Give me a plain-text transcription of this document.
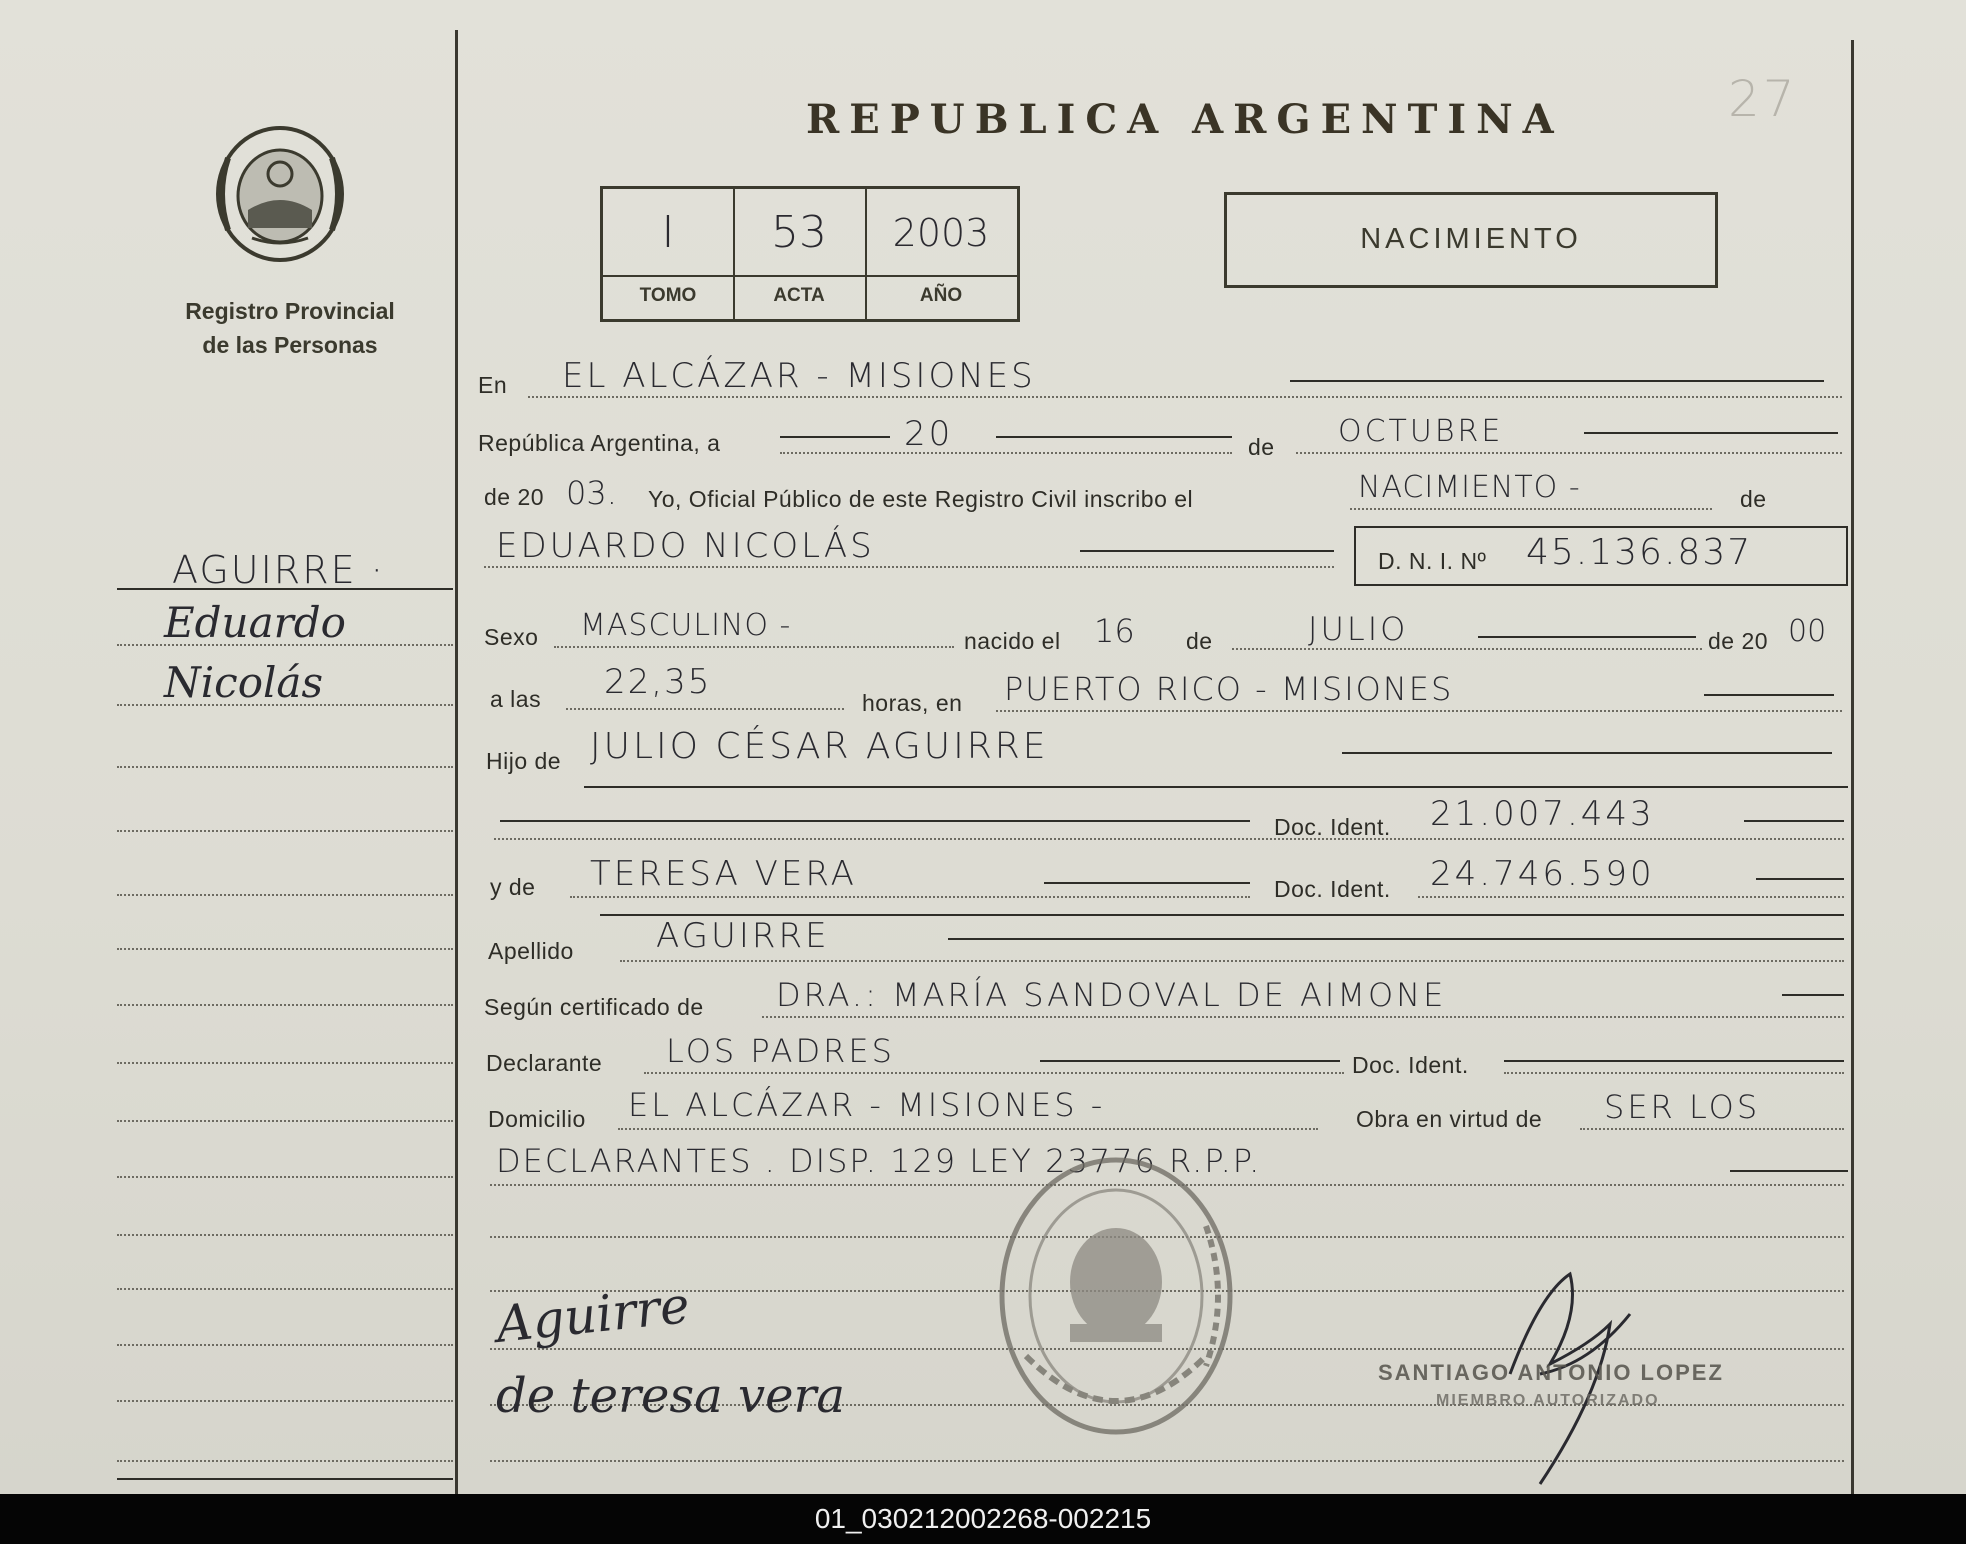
27
Registro Provincial
de las Personas
REPUBLICA ARGENTINA
I	53	2003
TOMO	ACTA	AÑO
NACIMIENTO
AGUIRRE ·
Eduardo
Nicolás
En EL ALCÁZAR - MISIONES
República Argentina, a	20	de OCTUBRE
de 20 03. Yo, Oficial Público de este Registro Civil inscribo el	NACIMIENTO -	de
EDUARDO NICOLÁS	D. N. I. Nº 45.136.837
Sexo MASCULINO -	nacido el 16 de	JULIO	de 20 00
a las 22,35
horas, en PUERTO RICO - MISIONES
Hijo de JULIO CÉSAR AGUIRRE
Doc. Ident. 21.007.443
y de TERESA VERA	Doc. Ident. 24.746.590
Apellido AGUIRRE
Según certificado de DRA.: MARÍA SANDOVAL DE AIMONE
Declarante LOS PADRES	Doc. Ident.
Domicilio EL ALCÁZAR - MISIONES -	Obra en virtud de SER LOS
DECLARANTES . DISP. 129 LEY 23776 R.P.P.
Aguirre
de teresa vera	SANTIAGO ANTONIO LOPEZ
MIEMBRO AUTORIZADO
01_030212002268-002215
